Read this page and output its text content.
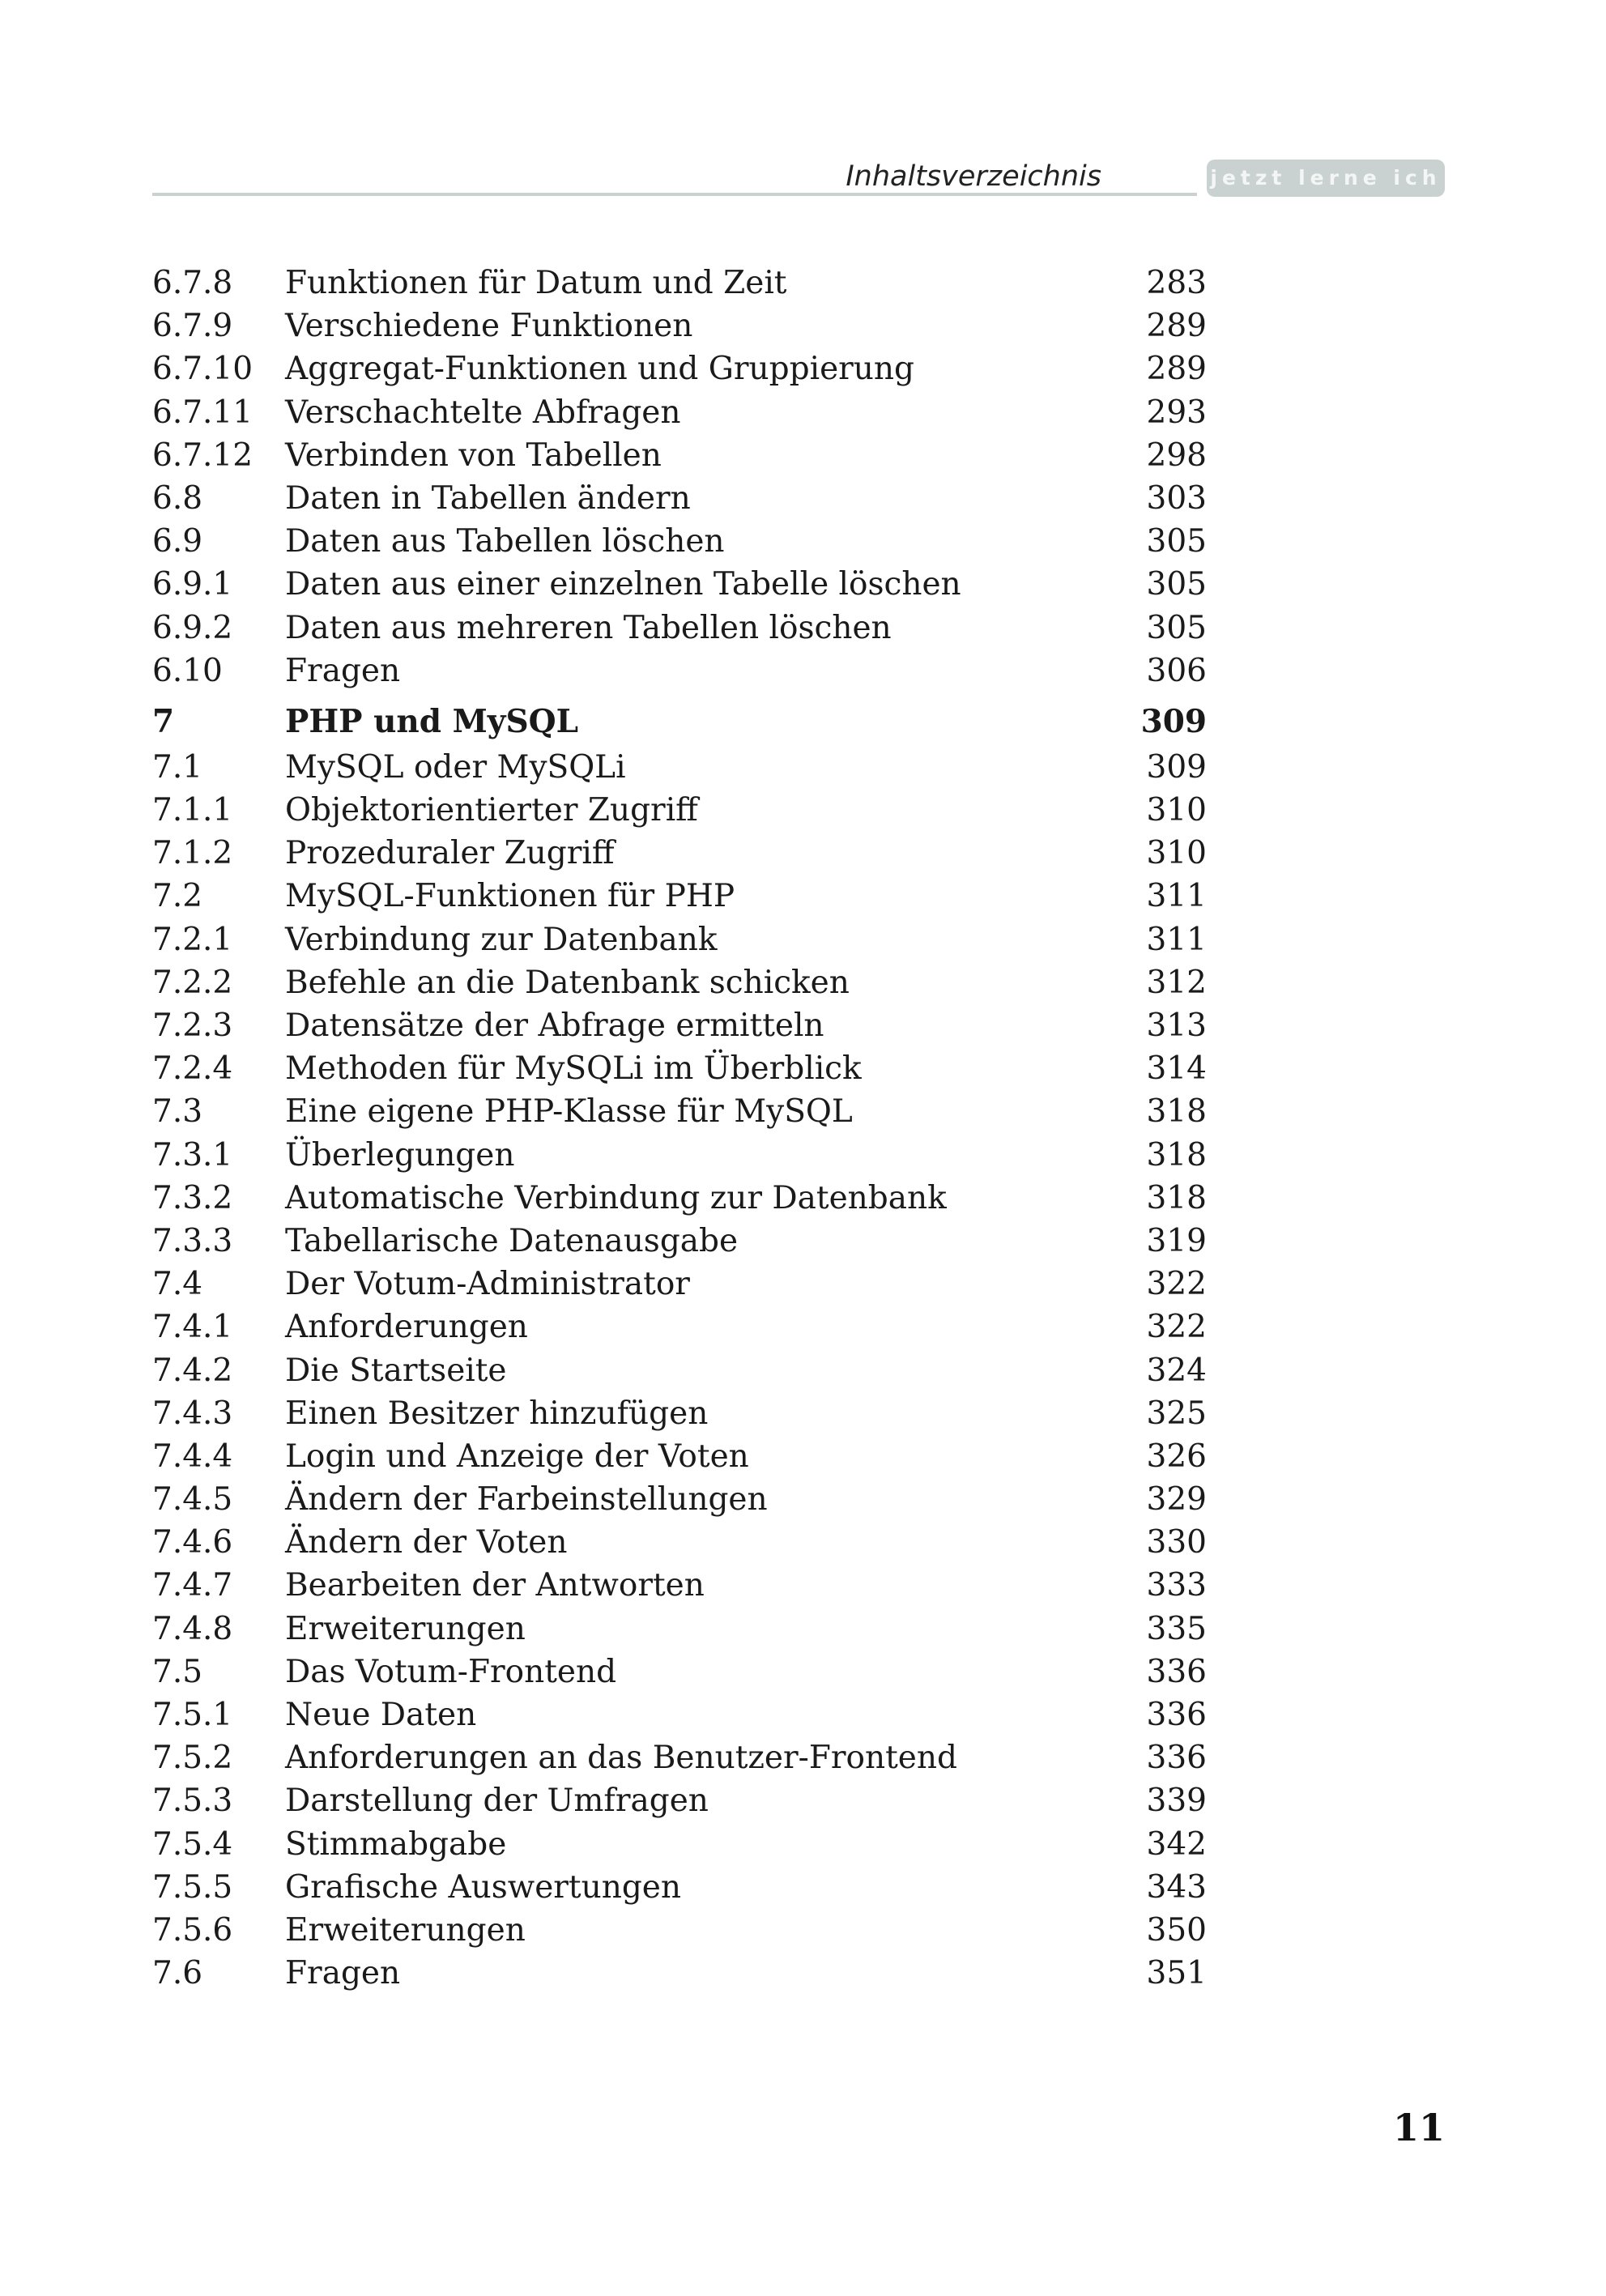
Inhaltsverzeichnis	jetzt lerne ich
6.7.8 Funktionen für Datum und Zeit	283
6.7.9 Verschiedene Funktionen	289
6.7.10 Aggregat-Funktionen und Gruppierung	289
6.7.11 Verschachtelte Abfragen	293
6.7.12 Verbinden von Tabellen	298
6.8	Daten in Tabellen ändern	303
6.9	Daten aus Tabellen löschen	305
6.9.1 Daten aus einer einzelnen Tabelle löschen	305
6.9.2 Daten aus mehreren Tabellen löschen	305
6.10 Fragen	306
7	PHP und MySQL	309
7.1	MySQL oder MySQLi	309
7.1.1 Objektorientierter Zugriff	310
7.1.2 Prozeduraler Zugriff	310
7.2	MySQL-Funktionen für PHP	311
7.2.1 Verbindung zur Datenbank	311
7.2.2 Befehle an die Datenbank schicken	312
7.2.3 Datensätze der Abfrage ermitteln	313
7.2.4 Methoden für MySQLi im Überblick	314
7.3	Eine eigene PHP-Klasse für MySQL	318
7.3.1 Überlegungen	318
7.3.2 Automatische Verbindung zur Datenbank	318
7.3.3 Tabellarische Datenausgabe	319
7.4	Der Votum-Administrator	322
7.4.1 Anforderungen	322
7.4.2 Die Startseite	324
7.4.3 Einen Besitzer hinzufügen	325
7.4.4 Login und Anzeige der Voten	326
7.4.5 Ändern der Farbeinstellungen	329
7.4.6 Ändern der Voten	330
7.4.7 Bearbeiten der Antworten	333
7.4.8 Erweiterungen	335
7.5	Das Votum-Frontend	336
7.5.1 Neue Daten	336
7.5.2 Anforderungen an das Benutzer-Frontend	336
7.5.3 Darstellung der Umfragen	339
7.5.4 Stimmabgabe	342
7.5.5 Grafische Auswertungen	343
7.5.6 Erweiterungen	350
7.6	Fragen	351
11
